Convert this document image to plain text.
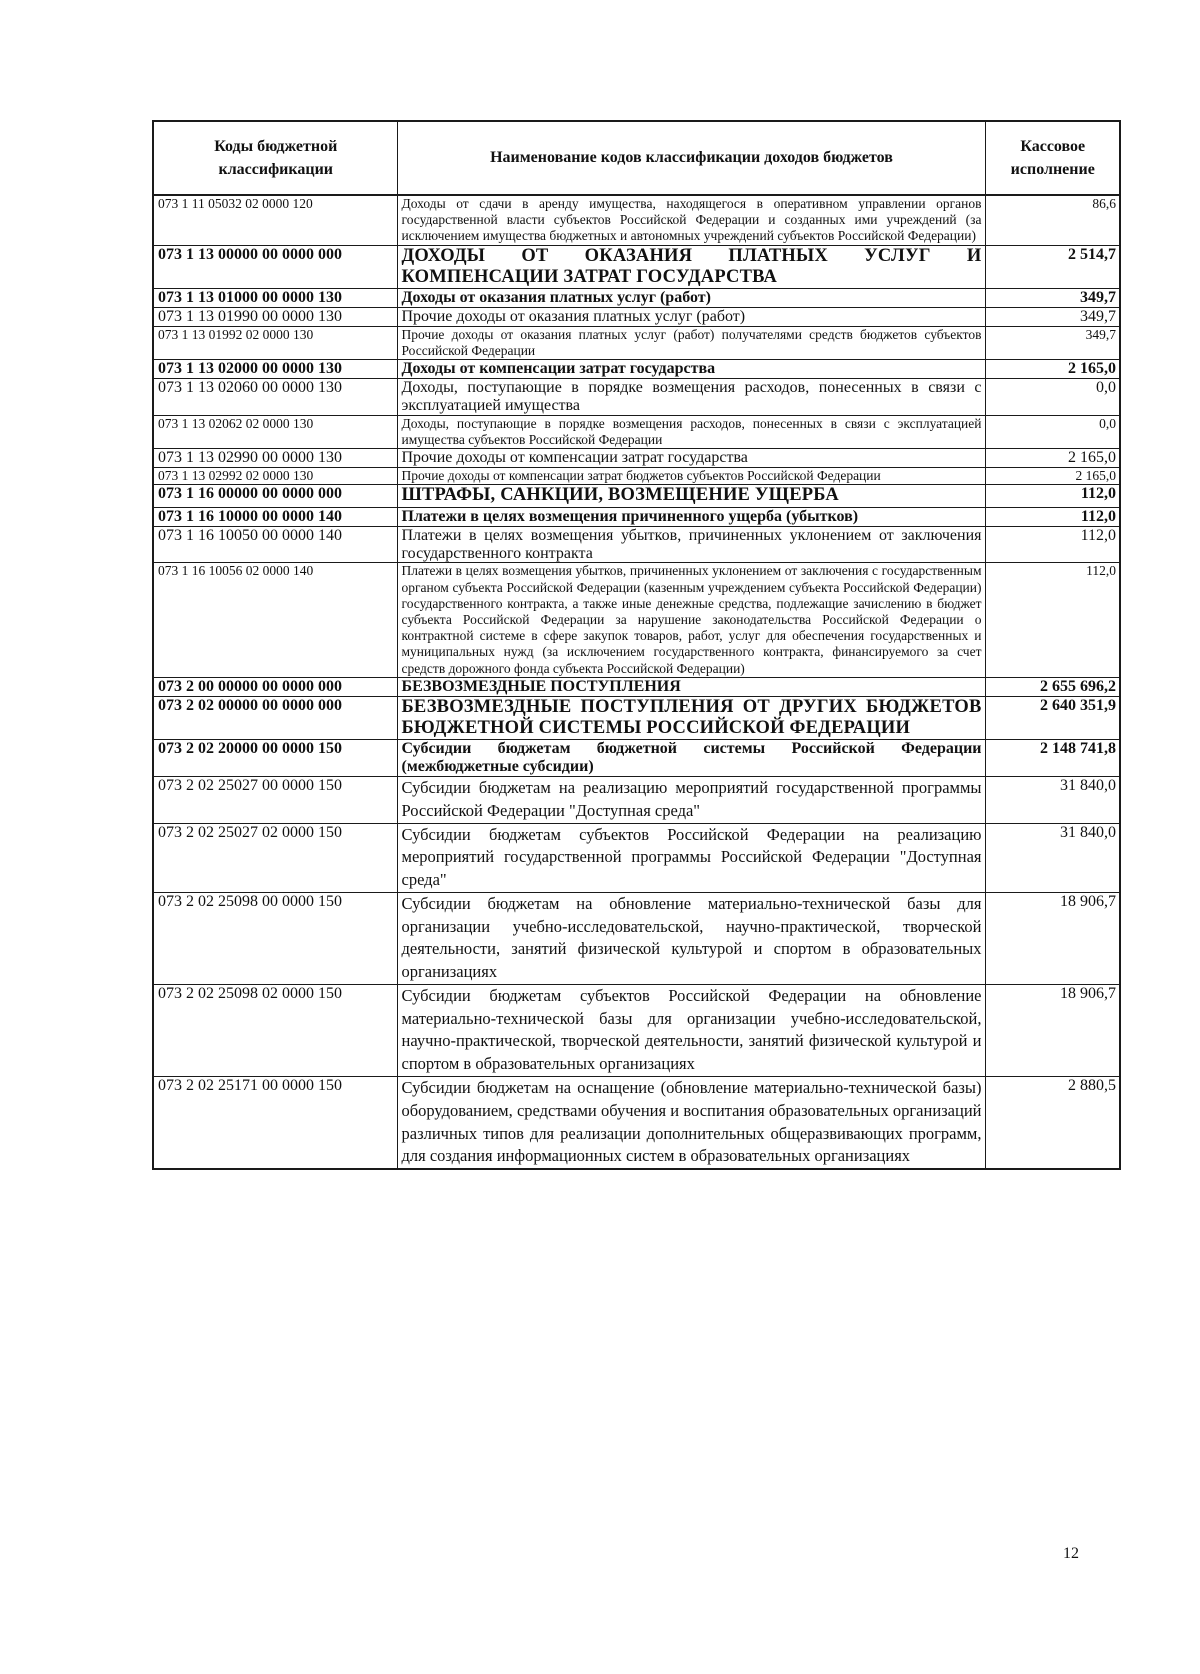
Коды бюджетной классификации	Наименование кодов классификации доходов бюджетов	Кассовое исполнение
073 1 11 05032 02 0000 120	Доходы от сдачи в аренду имущества, находящегося в оперативном управлении органов государственной власти субъектов Российской Федерации и созданных ими учреждений (за исключением имущества бюджетных и автономных учреждений субъектов Российской Федерации)	86,6
073 1 13 00000 00 0000 000	ДОХОДЫ ОТ ОКАЗАНИЯ ПЛАТНЫХ УСЛУГ И КОМПЕНСАЦИИ ЗАТРАТ ГОСУДАРСТВА	2 514,7
073 1 13 01000 00 0000 130	Доходы от оказания платных услуг (работ)	349,7
073 1 13 01990 00 0000 130	Прочие доходы от оказания платных услуг (работ)	349,7
073 1 13 01992 02 0000 130	Прочие доходы от оказания платных услуг (работ) получателями средств бюджетов субъектов Российской Федерации	349,7
073 1 13 02000 00 0000 130	Доходы от компенсации затрат государства	2 165,0
073 1 13 02060 00 0000 130	Доходы, поступающие в порядке возмещения расходов, понесенных в связи с эксплуатацией имущества	0,0
073 1 13 02062 02 0000 130	Доходы, поступающие в порядке возмещения расходов, понесенных в связи с эксплуатацией имущества субъектов Российской Федерации	0,0
073 1 13 02990 00 0000 130	Прочие доходы от компенсации затрат государства	2 165,0
073 1 13 02992 02 0000 130	Прочие доходы от компенсации затрат бюджетов субъектов Российской Федерации	2 165,0
073 1 16 00000 00 0000 000	ШТРАФЫ, САНКЦИИ, ВОЗМЕЩЕНИЕ УЩЕРБА	112,0
073 1 16 10000 00 0000 140	Платежи в целях возмещения причиненного ущерба (убытков)	112,0
073 1 16 10050 00 0000 140	Платежи в целях возмещения убытков, причиненных уклонением от заключения государственного контракта	112,0
073 1 16 10056 02 0000 140	Платежи в целях возмещения убытков, причиненных уклонением от заключения с государственным органом субъекта Российской Федерации (казенным учреждением субъекта Российской Федерации) государственного контракта, а также иные денежные средства, подлежащие зачислению в бюджет субъекта Российской Федерации за нарушение законодательства Российской Федерации о контрактной системе в сфере закупок товаров, работ, услуг для обеспечения государственных и муниципальных нужд (за исключением государственного контракта, финансируемого за счет средств дорожного фонда субъекта Российской Федерации)	112,0
073 2 00 00000 00 0000 000	БЕЗВОЗМЕЗДНЫЕ ПОСТУПЛЕНИЯ	2 655 696,2
073 2 02 00000 00 0000 000	БЕЗВОЗМЕЗДНЫЕ ПОСТУПЛЕНИЯ ОТ ДРУГИХ БЮДЖЕТОВ БЮДЖЕТНОЙ СИСТЕМЫ РОССИЙСКОЙ ФЕДЕРАЦИИ	2 640 351,9
073 2 02 20000 00 0000 150	Субсидии бюджетам бюджетной системы Российской Федерации (межбюджетные субсидии)	2 148 741,8
073 2 02 25027 00 0000 150	Субсидии бюджетам на реализацию мероприятий государственной программы Российской Федерации "Доступная среда"	31 840,0
073 2 02 25027 02 0000 150	Субсидии бюджетам субъектов Российской Федерации на реализацию мероприятий государственной программы Российской Федерации "Доступная среда"	31 840,0
073 2 02 25098 00 0000 150	Субсидии бюджетам на обновление материально-технической базы для организации учебно-исследовательской, научно-практической, творческой деятельности, занятий физической культурой и спортом в образовательных организациях	18 906,7
073 2 02 25098 02 0000 150	Субсидии бюджетам субъектов Российской Федерации на обновление материально-технической базы для организации учебно-исследовательской, научно-практической, творческой деятельности, занятий физической культурой и спортом в образовательных организациях	18 906,7
073 2 02 25171 00 0000 150	Субсидии бюджетам на оснащение (обновление материально-технической базы) оборудованием, средствами обучения и воспитания образовательных организаций различных типов для реализации дополнительных общеразвивающих программ, для создания информационных систем в образовательных организациях	2 880,5
12
